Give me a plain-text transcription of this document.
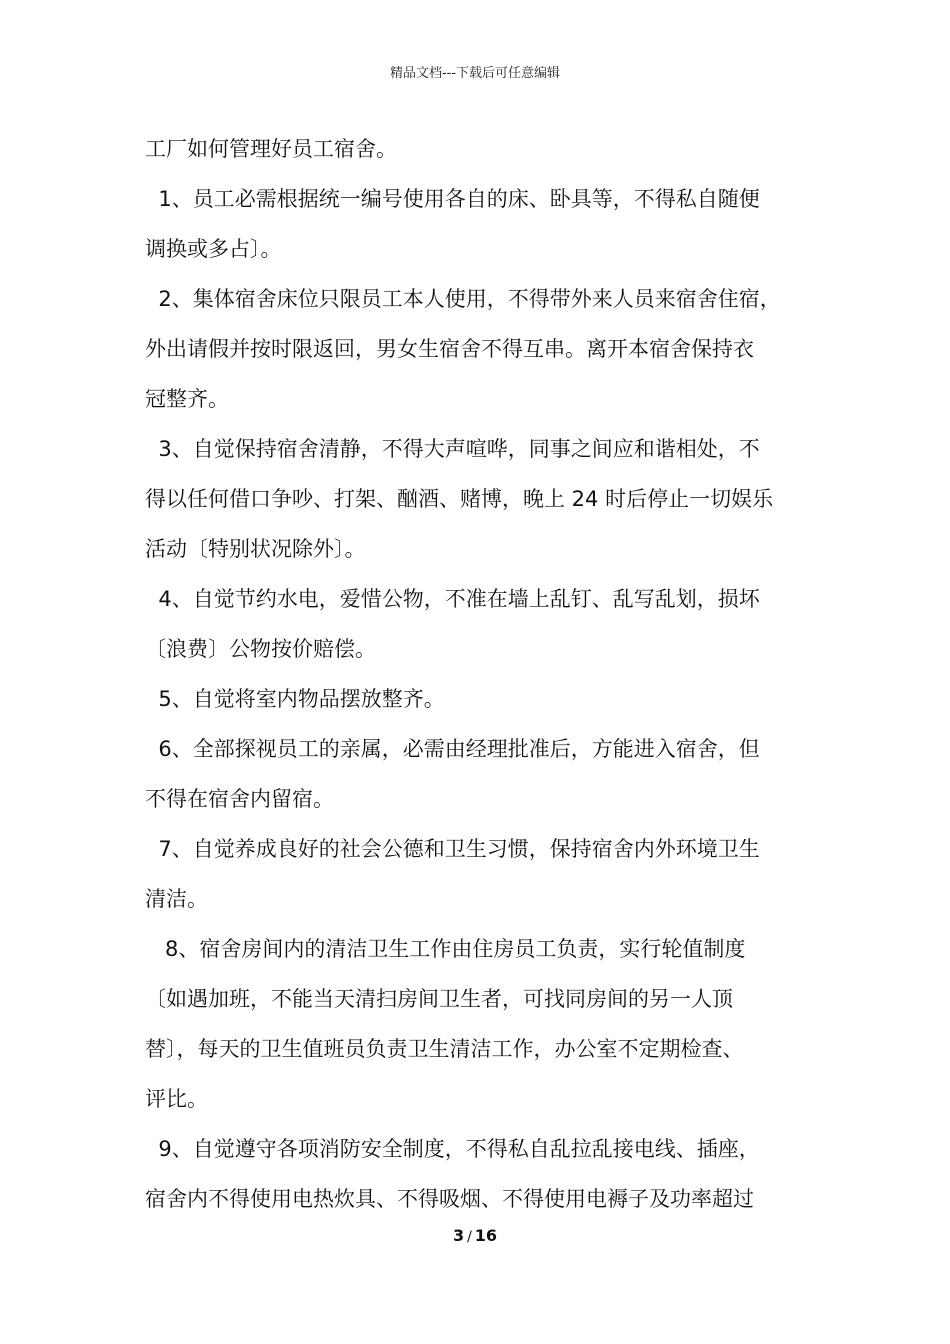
精品文档---下载后可任意编辑
工厂如何管理好员工宿舍。
1、员工必需根据统一编号使用各自的床、卧具等，不得私自随便
调换或多占〕。
2、集体宿舍床位只限员工本人使用，不得带外来人员来宿舍住宿，
外出请假并按时限返回，男女生宿舍不得互串。离开本宿舍保持衣
冠整齐。
3、自觉保持宿舍清静，不得大声喧哗，同事之间应和谐相处，不
得以任何借口争吵、打架、酗酒、赌博，晚上 24 时后停止一切娱乐
活动〔特别状况除外〕。
4、自觉节约水电，爱惜公物，不准在墙上乱钉、乱写乱划，损坏
〔浪费〕公物按价赔偿。
5、自觉将室内物品摆放整齐。
6、全部探视员工的亲属，必需由经理批准后，方能进入宿舍，但
不得在宿舍内留宿。
7、自觉养成良好的社会公德和卫生习惯，保持宿舍内外环境卫生
清洁。
8、宿舍房间内的清洁卫生工作由住房员工负责，实行轮值制度
〔如遇加班，不能当天清扫房间卫生者，可找同房间的另一人顶
替〕，每天的卫生值班员负责卫生清洁工作，办公室不定期检查、
评比。
9、自觉遵守各项消防安全制度，不得私自乱拉乱接电线、插座，
宿舍内不得使用电热炊具、不得吸烟、不得使用电褥子及功率超过
3 / 16
